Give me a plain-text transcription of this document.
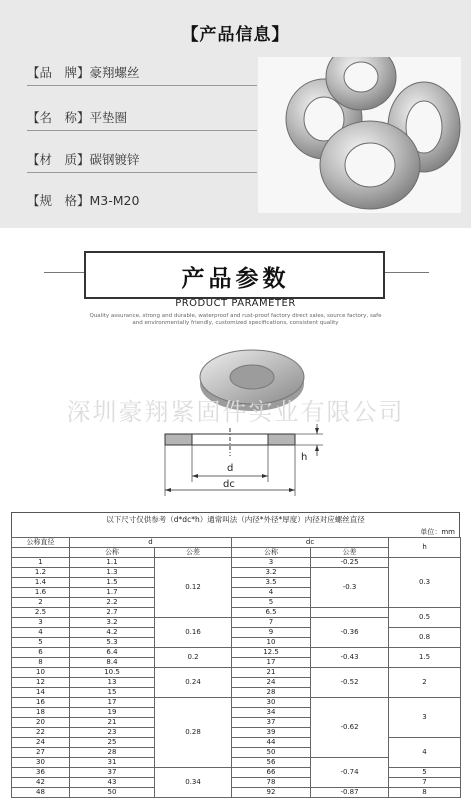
【产品信息】
【品　牌】豪翔螺丝
【名　称】平垫圈
【材　质】碳钢镀锌
【规　格】M3-M20
产品参数
PRODUCT PARAMETER
Quality assurance, strong and durable, waterproof and rust-proof factory direct sales, source factory, safe
and environmentally friendly, customized specifications, consistent quality
深圳豪翔紧固件实业有限公司
d
dc
h
以下尺寸仅供参考（d*dc*h）通常叫法（内径*外径*厚度）内径对应螺丝直径
单位：mm
公称直径	d		dc		h
	公称	公差	公称	公差	
1	1.1	0.12	3	-0.25	0.3
1.2	1.3		3.2	-0.3	
1.4	1.5		3.5		
1.6	1.7		4		
2	2.2		5		
2.5	2.7		6.5		0.5
3	3.2	0.16	7	-0.36	
4	4.2		9		0.8
5	5.3		10		
6	6.4	0.2	12.5	-0.43	1.5
8	8.4		17		
10	10.5	0.24	21	-0.52	2
12	13		24		
14	15		28		
16	17	0.28	30	-0.62	3
18	19		34		
20	21		37		
22	23		39		
24	25		44		4
27	28		50		
30	31		56	-0.74	
36	37	0.34	66		5
42	43		78		7
48	50		92	-0.87	8
